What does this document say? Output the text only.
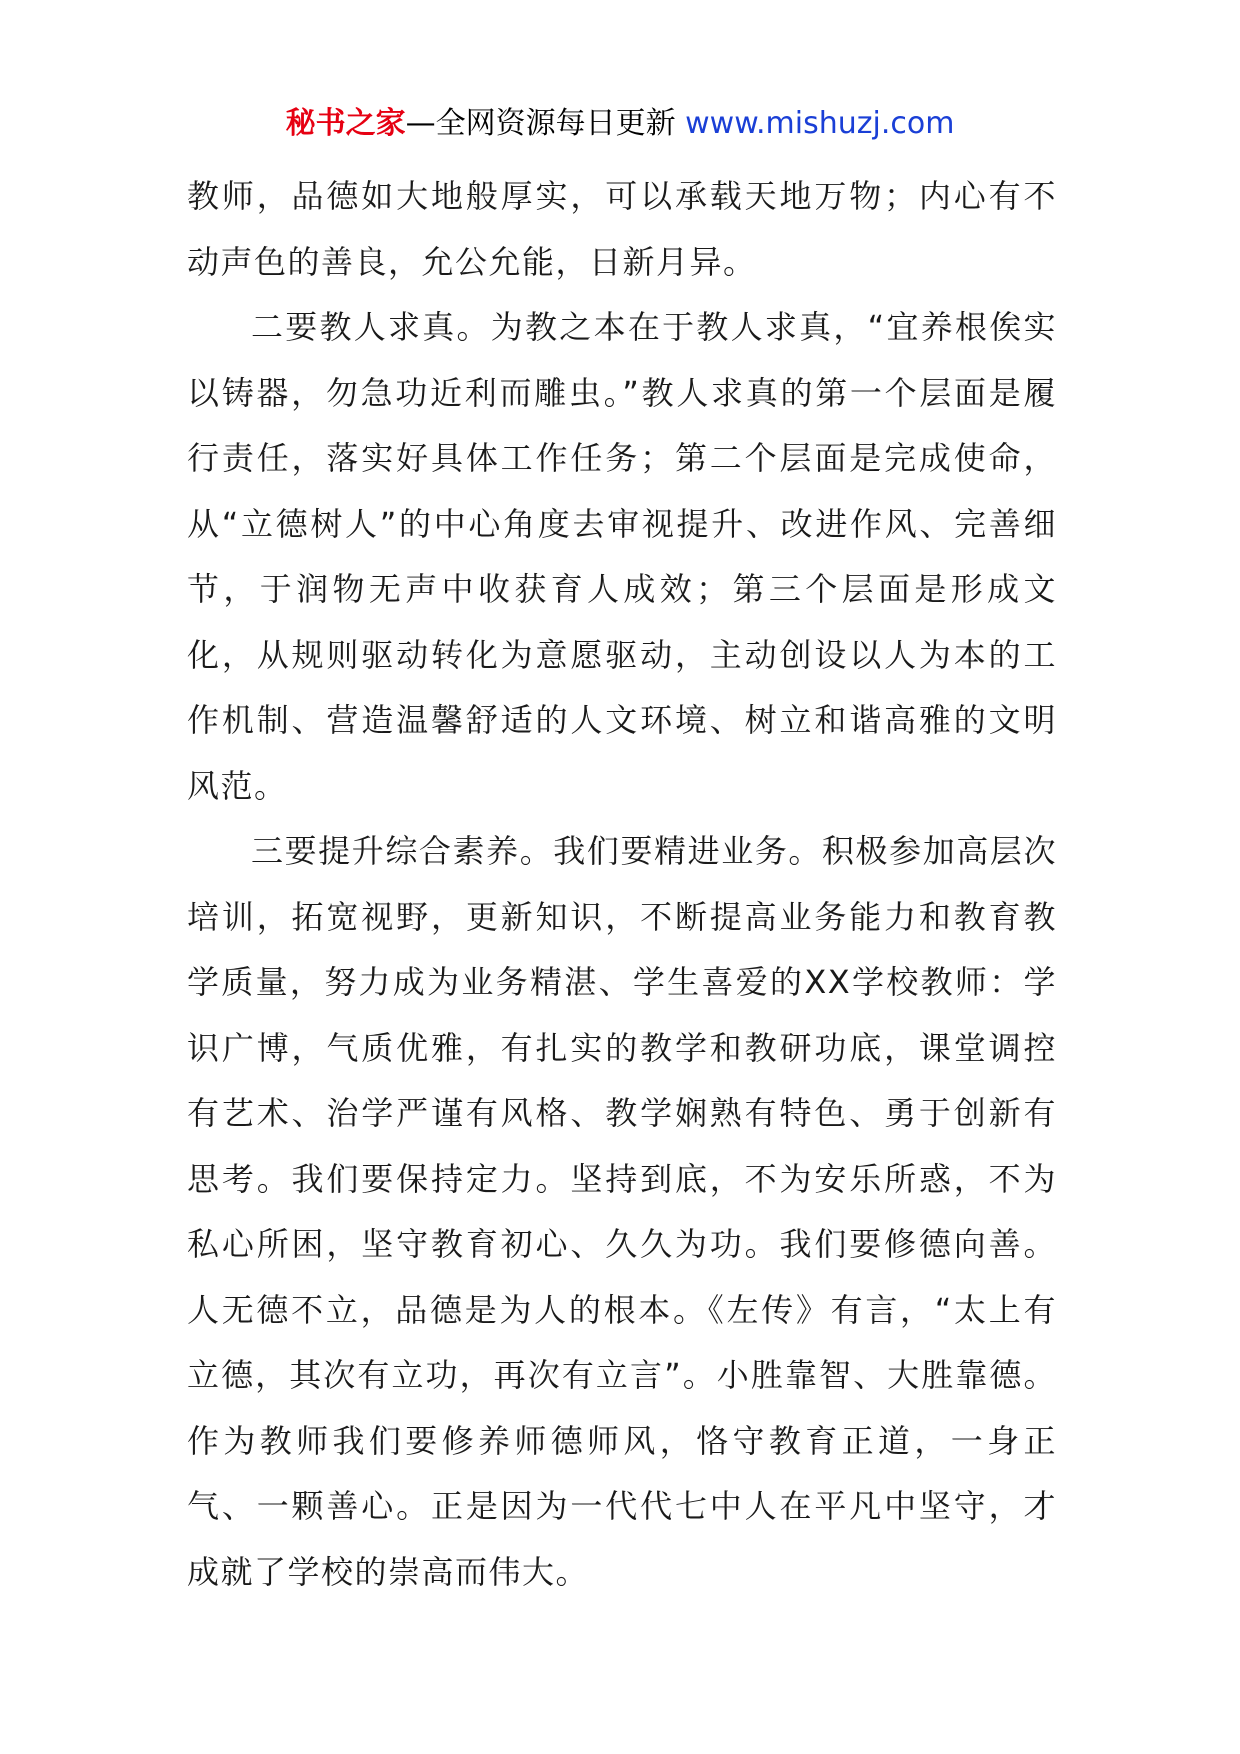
秘书之家—全网资源每日更新 www.mishuzj.com

教师，品德如大地般厚实，可以承载天地万物；内心有不动声色的善良，允公允能，日新月异。

二要教人求真。为教之本在于教人求真，“宜养根俟实以铸器，勿急功近利而雕虫。”教人求真的第一个层面是履行责任，落实好具体工作任务；第二个层面是完成使命，从“立德树人”的中心角度去审视提升、改进作风、完善细节，于润物无声中收获育人成效；第三个层面是形成文化，从规则驱动转化为意愿驱动，主动创设以人为本的工作机制、营造温馨舒适的人文环境、树立和谐高雅的文明风范。

三要提升综合素养。我们要精进业务。积极参加高层次培训，拓宽视野，更新知识，不断提高业务能力和教育教学质量，努力成为业务精湛、学生喜爱的XX学校教师：学识广博，气质优雅，有扎实的教学和教研功底，课堂调控有艺术、治学严谨有风格、教学娴熟有特色、勇于创新有思考。我们要保持定力。坚持到底，不为安乐所惑，不为私心所困，坚守教育初心、久久为功。我们要修德向善。人无德不立，品德是为人的根本。《左传》有言，“太上有立德，其次有立功，再次有立言”。小胜靠智、大胜靠德。作为教师我们要修养师德师风，恪守教育正道，一身正气、一颗善心。正是因为一代代七中人在平凡中坚守，才成就了学校的崇高而伟大。
